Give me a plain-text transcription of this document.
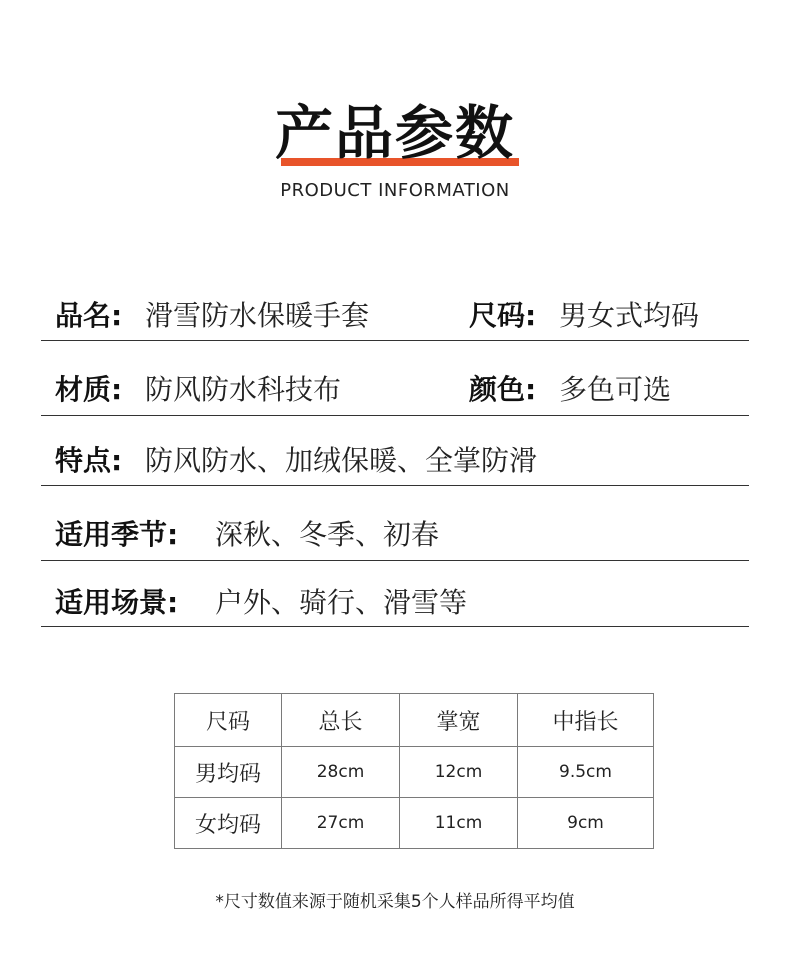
产品参数
PRODUCT INFORMATION
品名: 滑雪防水保暖手套	尺码: 男女式均码
材质: 防风防水科技布	颜色: 多色可选
特点: 防风防水、加绒保暖、全掌防滑
适用季节: 深秋、冬季、初春
适用场景: 户外、骑行、滑雪等
尺码	总长	掌宽	中指长
男均码	28cm	12cm	9.5cm
女均码	27cm	11cm	9cm
*尺寸数值来源于随机采集5个人样品所得平均值
